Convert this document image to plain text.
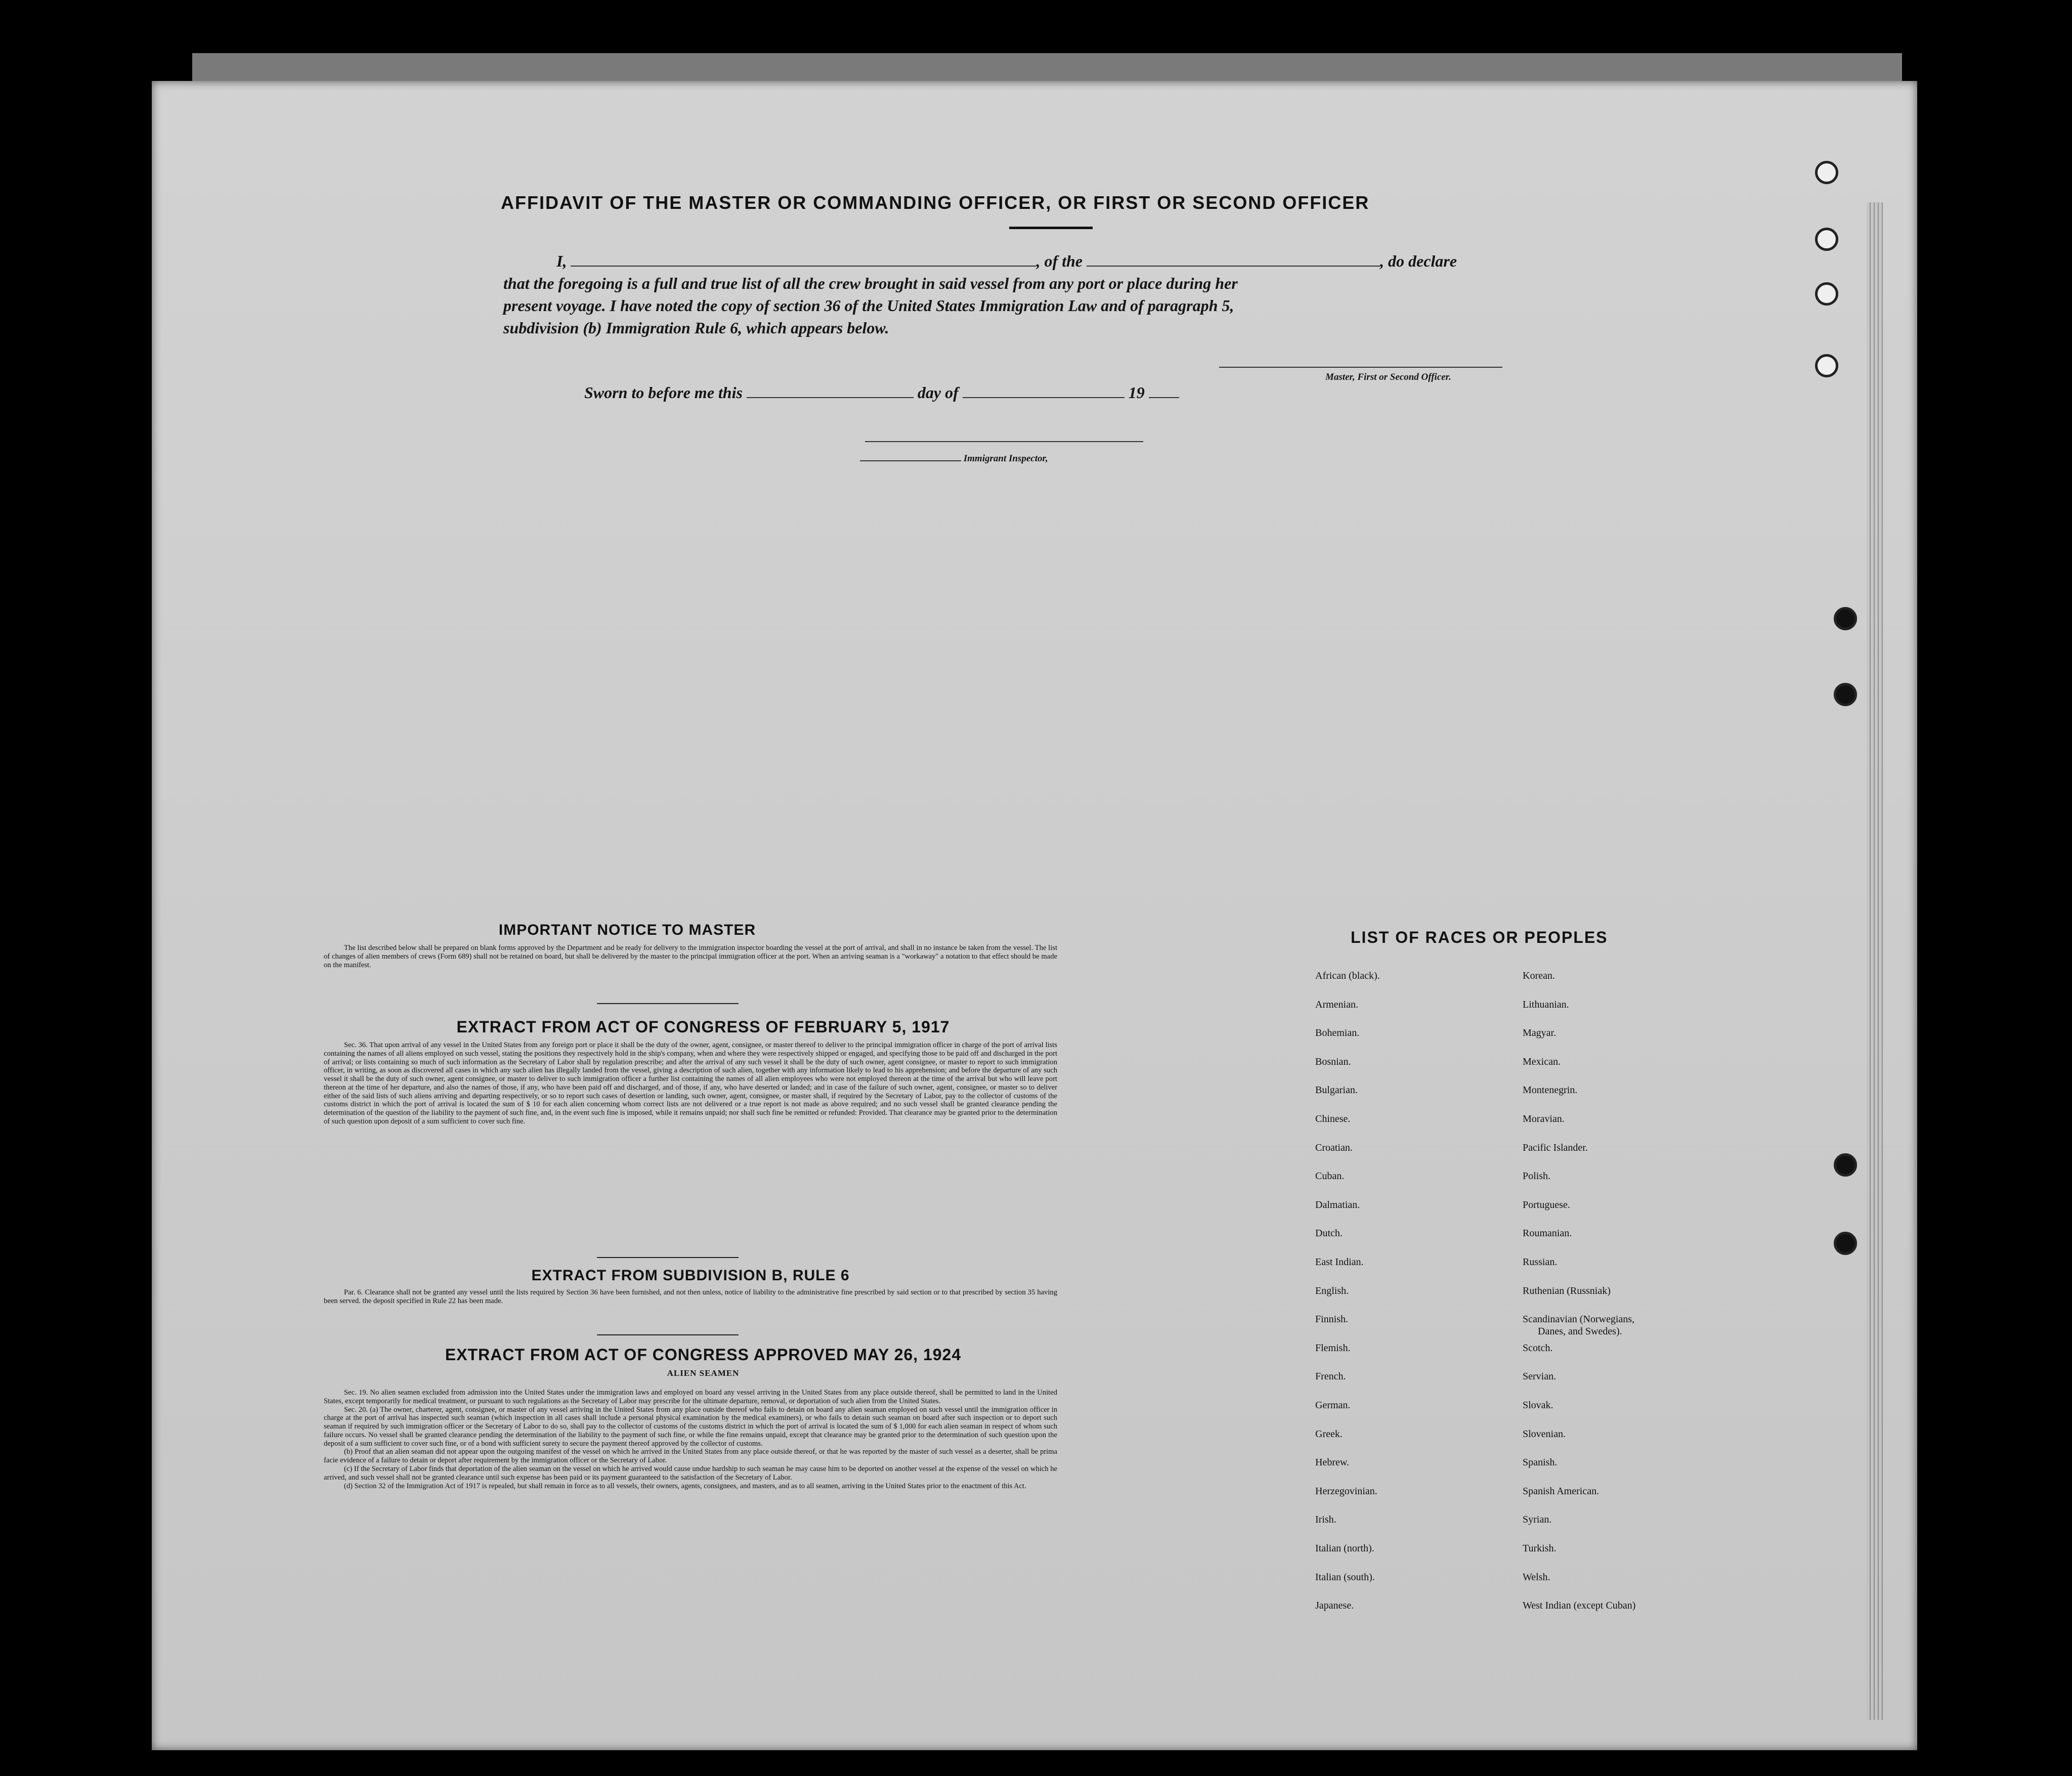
AFFIDAVIT OF THE MASTER OR COMMANDING OFFICER, OR FIRST OR SECOND OFFICER
I,	, of the	, do declare
that the foregoing is a full and true list of all the crew brought in said vessel from any port or place during her
present voyage. I have noted the copy of section 36 of the United States Immigration Law and of paragraph 5,
subdivision (b) Immigration Rule 6, which appears below.
Master, First or Second Officer.
Sworn to before me this	day of	19
Immigrant Inspector,
IMPORTANT NOTICE TO MASTER
The list described below shall be prepared on blank forms approved by the Department and be ready for delivery to the immigration inspector boarding the vessel at the port of arrival, and shall in no instance be taken from the vessel. The list of changes of alien members of crews (Form 689) shall not be retained on board, but shall be delivered by the master to the principal immigration officer at the port. When an arriving seaman is a "workaway" a notation to that effect should be made on the manifest.
EXTRACT FROM ACT OF CONGRESS OF FEBRUARY 5, 1917
Sec. 36. That upon arrival of any vessel in the United States from any foreign port or place it shall be the duty of the owner, agent, consignee, or master thereof to deliver to the principal immigration officer in charge of the port of arrival lists containing the names of all aliens employed on such vessel, stating the positions they respectively hold in the ship's company, when and where they were respectively shipped or engaged, and specifying those to be paid off and discharged in the port of arrival; or lists containing so much of such information as the Secretary of Labor shall by regulation prescribe; and after the arrival of any such vessel it shall be the duty of such owner, agent consignee, or master to report to such immigration officer, in writing, as soon as discovered all cases in which any such alien has illegally landed from the vessel, giving a description of such alien, together with any information likely to lead to his apprehension; and before the departure of any such vessel it shall be the duty of such owner, agent consignee, or master to deliver to such immigration officer a further list containing the names of all alien employees who were not employed thereon at the time of the arrival but who will leave port thereon at the time of her departure, and also the names of those, if any, who have been paid off and discharged, and of those, if any, who have deserted or landed; and in case of the failure of such owner, agent, consignee, or master so to deliver either of the said lists of such aliens arriving and departing respectively, or so to report such cases of desertion or landing, such owner, agent, consignee, or master shall, if required by the Secretary of Labor, pay to the collector of customs of the customs district in which the port of arrival is located the sum of $ 10 for each alien concerning whom correct lists are not delivered or a true report is not made as above required; and no such vessel shall be granted clearance pending the determination of the question of the liability to the payment of such fine, and, in the event such fine is imposed, while it remains unpaid; nor shall such fine be remitted or refunded: Provided. That clearance may be granted prior to the determination of such question upon deposit of a sum sufficient to cover such fine.
EXTRACT FROM SUBDIVISION B, RULE 6
Par. 6. Clearance shall not be granted any vessel until the lists required by Section 36 have been furnished, and not then unless, notice of liability to the administrative fine prescribed by said section or to that prescribed by section 35 having been served. the deposit specified in Rule 22 has been made.
EXTRACT FROM ACT OF CONGRESS APPROVED MAY 26, 1924
ALIEN SEAMEN

Sec. 19. No alien seamen excluded from admission into the United States under the immigration laws and employed on board any vessel arriving in the United States from any place outside thereof, shall be permitted to land in the United States, except temporarily for medical treatment, or pursuant to such regulations as the Secretary of Labor may prescribe for the ultimate departure, removal, or deportation of such alien from the United States.

Sec. 20. (a) The owner, charterer, agent, consignee, or master of any vessel arriving in the United States from any place outside thereof who fails to detain on board any alien seaman employed on such vessel until the immigration officer in charge at the port of arrival has inspected such seaman (which inspection in all cases shall include a personal physical examination by the medical examiners), or who fails to detain such seaman on board after such inspection or to deport such seaman if required by such immigration officer or the Secretary of Labor to do so, shall pay to the collector of customs of the customs district in which the port of arrival is located the sum of $ 1,000 for each alien seaman in respect of whom such failure occurs. No vessel shall be granted clearance pending the determination of the liability to the payment of such fine, or while the fine remains unpaid, except that clearance may be granted prior to the determination of such question upon the deposit of a sum sufficient to cover such fine, or of a bond with sufficient surety to secure the payment thereof approved by the collector of customs.

(b) Proof that an alien seaman did not appear upon the outgoing manifest of the vessel on which he arrived in the United States from any place outside thereof, or that he was reported by the master of such vessel as a deserter, shall be prima facie evidence of a failure to detain or deport after requirement by the immigration officer or the Secretary of Labor.

(c) If the Secretary of Labor finds that deportation of the alien seaman on the vessel on which he arrived would cause undue hardship to such seaman he may cause him to be deported on another vessel at the expense of the vessel on which he arrived, and such vessel shall not be granted clearance until such expense has been paid or its payment guaranteed to the satisfaction of the Secretary of Labor.

(d) Section 32 of the Immigration Act of 1917 is repealed, but shall remain in force as to all vessels, their owners, agents, consignees, and masters, and as to all seamen, arriving in the United States prior to the enactment of this Act.

LIST OF RACES OR PEOPLES
African (black).
Armenian.
Bohemian.
Bosnian.
Bulgarian.
Chinese.
Croatian.
Cuban.
Dalmatian.
Dutch.
East Indian.
English.
Finnish.
Flemish.
French.
German.
Greek.
Hebrew.
Herzegovinian.
Irish.
Italian (north).
Italian (south).
Japanese.
Korean.
Lithuanian.
Magyar.
Mexican.
Montenegrin.
Moravian.
Pacific Islander.
Polish.
Portuguese.
Roumanian.
Russian.
Ruthenian (Russniak)
Scandinavian (Norwegians,
Danes, and Swedes).
Scotch.
Servian.
Slovak.
Slovenian.
Spanish.
Spanish American.
Syrian.
Turkish.
Welsh.
West Indian (except Cuban)
